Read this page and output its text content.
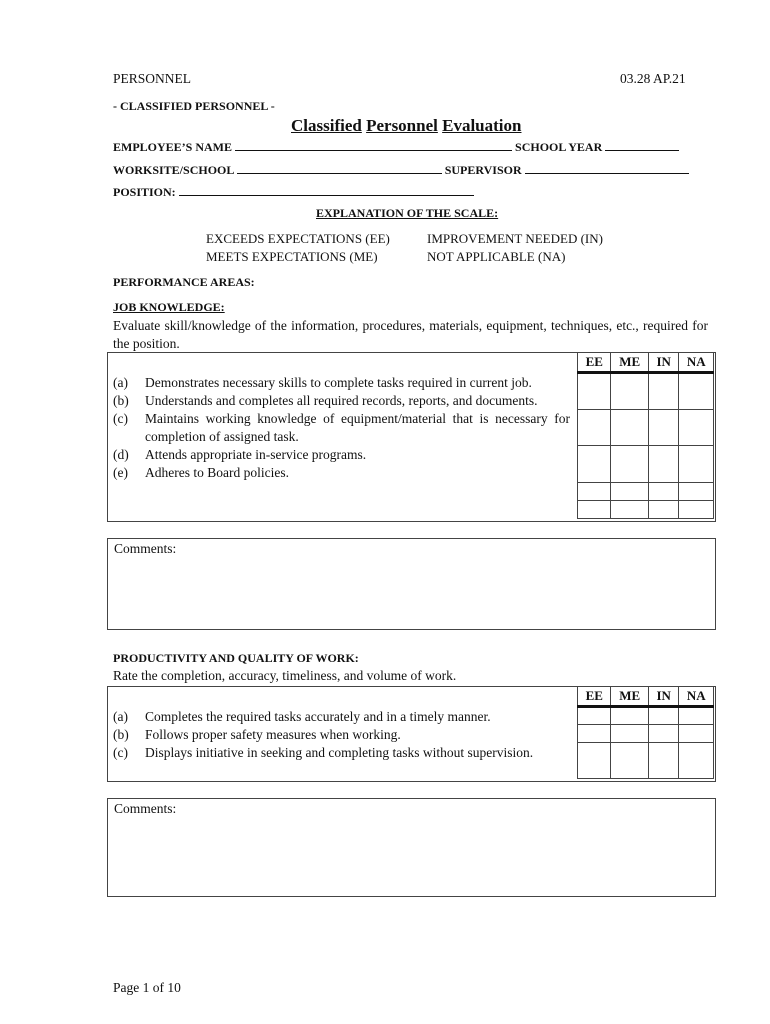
PERSONNEL	03.28 AP.21
- CLASSIFIED PERSONNEL -
Classified Personnel Evaluation
EMPLOYEE’S NAME	SCHOOL YEAR
WORKSITE/SCHOOL	SUPERVISOR
POSITION:
EXPLANATION OF THE SCALE:
EXCEEDS EXPECTATIONS (EE)
MEETS EXPECTATIONS (ME)
IMPROVEMENT NEEDED (IN)
NOT APPLICABLE (NA)
PERFORMANCE AREAS:
JOB KNOWLEDGE:
Evaluate skill/knowledge of the information, procedures, materials, equipment, techniques, etc., required for the position.
EE	ME	IN	NA

(a) Demonstrates necessary skills to complete tasks required in current job.
(b) Understands and completes all required records, reports, and documents.
(c) Maintains working knowledge of equipment/material that is necessary for completion of assigned task.
(d) Attends appropriate in-service programs.
(e) Adheres to Board policies.
Comments:
PRODUCTIVITY AND QUALITY OF WORK:
Rate the completion, accuracy, timeliness, and volume of work.
EE	ME	IN	NA

(a) Completes the required tasks accurately and in a timely manner.
(b) Follows proper safety measures when working.
(c) Displays initiative in seeking and completing tasks without supervision.
Comments:
Page 1 of 10
